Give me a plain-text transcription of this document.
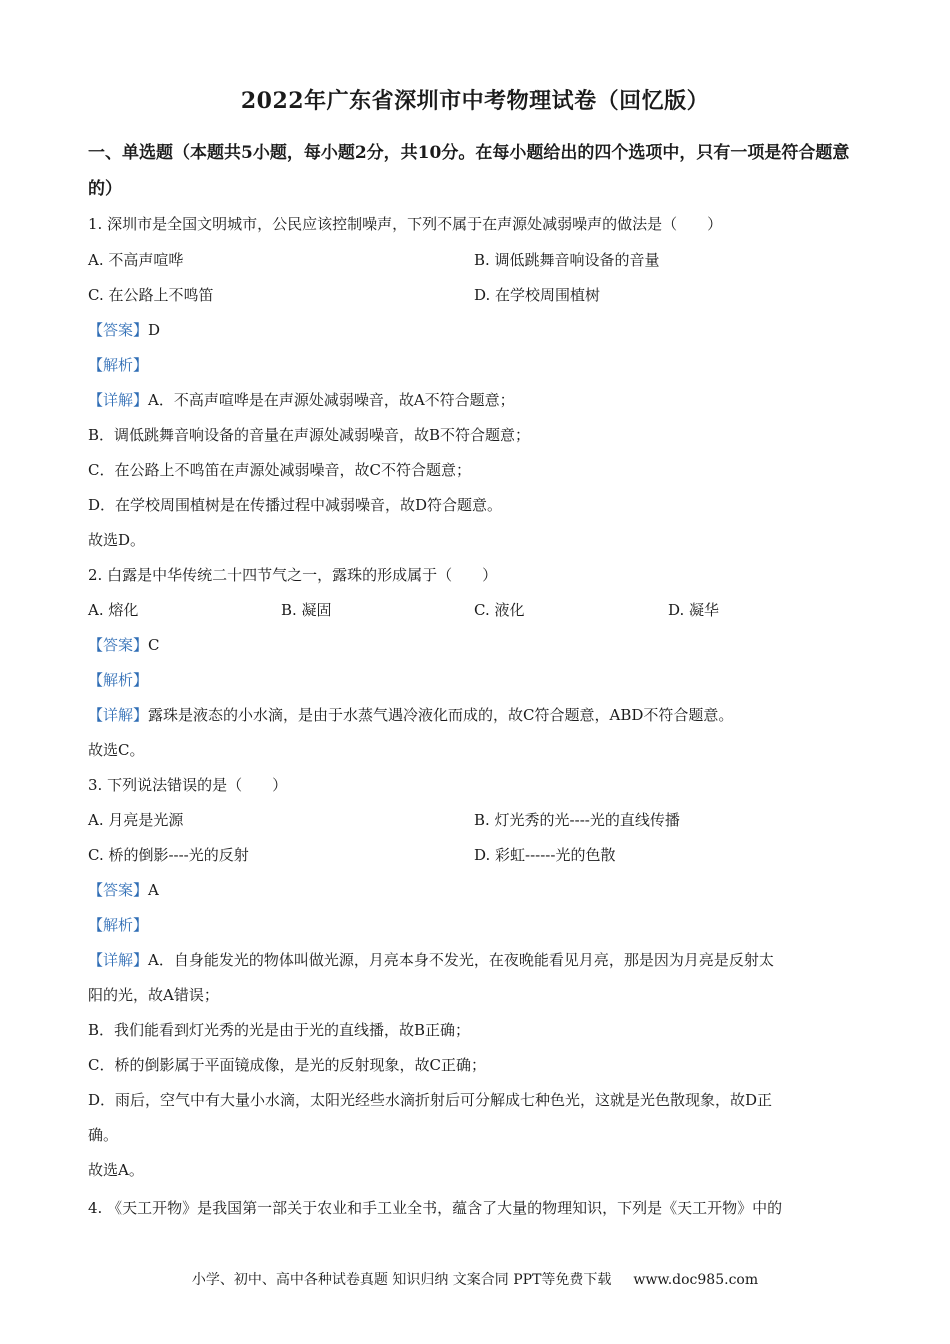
2022年广东省深圳市中考物理试卷（回忆版）
一、单选题（本题共5小题，每小题2分，共10分。在每小题给出的四个选项中，只有一项是符合题意的）
1. 深圳市是全国文明城市，公民应该控制噪声，下列不属于在声源处减弱噪声的做法是（　　）
A. 不高声喧哗	B. 调低跳舞音响设备的音量
C. 在公路上不鸣笛	D. 在学校周围植树
【答案】D
【解析】
【详解】A．不高声喧哗是在声源处减弱噪音，故A不符合题意；
B．调低跳舞音响设备的音量在声源处减弱噪音，故B不符合题意；
C．在公路上不鸣笛在声源处减弱噪音，故C不符合题意；
D．在学校周围植树是在传播过程中减弱噪音，故D符合题意。
故选D。
2. 白露是中华传统二十四节气之一，露珠的形成属于（　　）
A. 熔化	B. 凝固	C. 液化	D. 凝华
【答案】C
【解析】
【详解】露珠是液态的小水滴，是由于水蒸气遇冷液化而成的，故C符合题意，ABD不符合题意。
故选C。
3. 下列说法错误的是（　　）
A. 月亮是光源	B. 灯光秀的光----光的直线传播
C. 桥的倒影----光的反射	D. 彩虹------光的色散
【答案】A
【解析】
【详解】A．自身能发光的物体叫做光源，月亮本身不发光，在夜晚能看见月亮，那是因为月亮是反射太
阳的光，故A错误；
B．我们能看到灯光秀的光是由于光的直线播，故B正确；
C．桥的倒影属于平面镜成像，是光的反射现象，故C正确；
D．雨后，空气中有大量小水滴，太阳光经些水滴折射后可分解成七种色光，这就是光色散现象，故D正
确。
故选A。
4. 《天工开物》是我国第一部关于农业和手工业全书，蕴含了大量的物理知识，下列是《天工开物》中的
小学、初中、高中各种试卷真题 知识归纳 文案合同 PPT等免费下载 www.doc985.com
